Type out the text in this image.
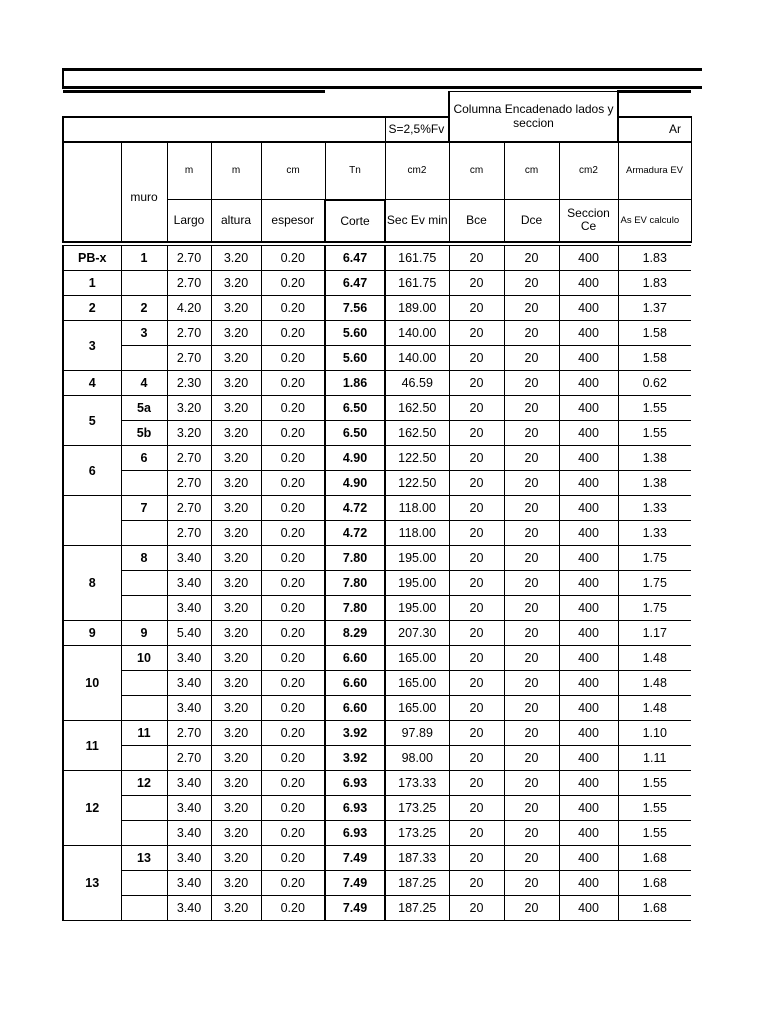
							Columna Encadenado lados y seccion			
						S=2,5%Fv				Ar
	muro	m	m	cm	Tn	cm2	cm	cm	cm2	Armadura EV
		Largo	altura	espesor	Corte	Sec Ev min	Bce	Dce	Seccion Ce	As EV calculo

PB-x	1	2.70	3.20	0.20	6.47	161.75	20	20	400	1.83
1		2.70	3.20	0.20	6.47	161.75	20	20	400	1.83
2	2	4.20	3.20	0.20	7.56	189.00	20	20	400	1.37
3	3	2.70	3.20	0.20	5.60	140.00	20	20	400	1.58
		2.70	3.20	0.20	5.60	140.00	20	20	400	1.58
4	4	2.30	3.20	0.20	1.86	46.59	20	20	400	0.62
5	5a	3.20	3.20	0.20	6.50	162.50	20	20	400	1.55
	5b	3.20	3.20	0.20	6.50	162.50	20	20	400	1.55
6	6	2.70	3.20	0.20	4.90	122.50	20	20	400	1.38
		2.70	3.20	0.20	4.90	122.50	20	20	400	1.38
	7	2.70	3.20	0.20	4.72	118.00	20	20	400	1.33
		2.70	3.20	0.20	4.72	118.00	20	20	400	1.33
8	8	3.40	3.20	0.20	7.80	195.00	20	20	400	1.75
		3.40	3.20	0.20	7.80	195.00	20	20	400	1.75
		3.40	3.20	0.20	7.80	195.00	20	20	400	1.75
9	9	5.40	3.20	0.20	8.29	207.30	20	20	400	1.17
10	10	3.40	3.20	0.20	6.60	165.00	20	20	400	1.48
		3.40	3.20	0.20	6.60	165.00	20	20	400	1.48
		3.40	3.20	0.20	6.60	165.00	20	20	400	1.48
11	11	2.70	3.20	0.20	3.92	97.89	20	20	400	1.10
		2.70	3.20	0.20	3.92	98.00	20	20	400	1.11
12	12	3.40	3.20	0.20	6.93	173.33	20	20	400	1.55
		3.40	3.20	0.20	6.93	173.25	20	20	400	1.55
		3.40	3.20	0.20	6.93	173.25	20	20	400	1.55
13	13	3.40	3.20	0.20	7.49	187.33	20	20	400	1.68
		3.40	3.20	0.20	7.49	187.25	20	20	400	1.68
		3.40	3.20	0.20	7.49	187.25	20	20	400	1.68
